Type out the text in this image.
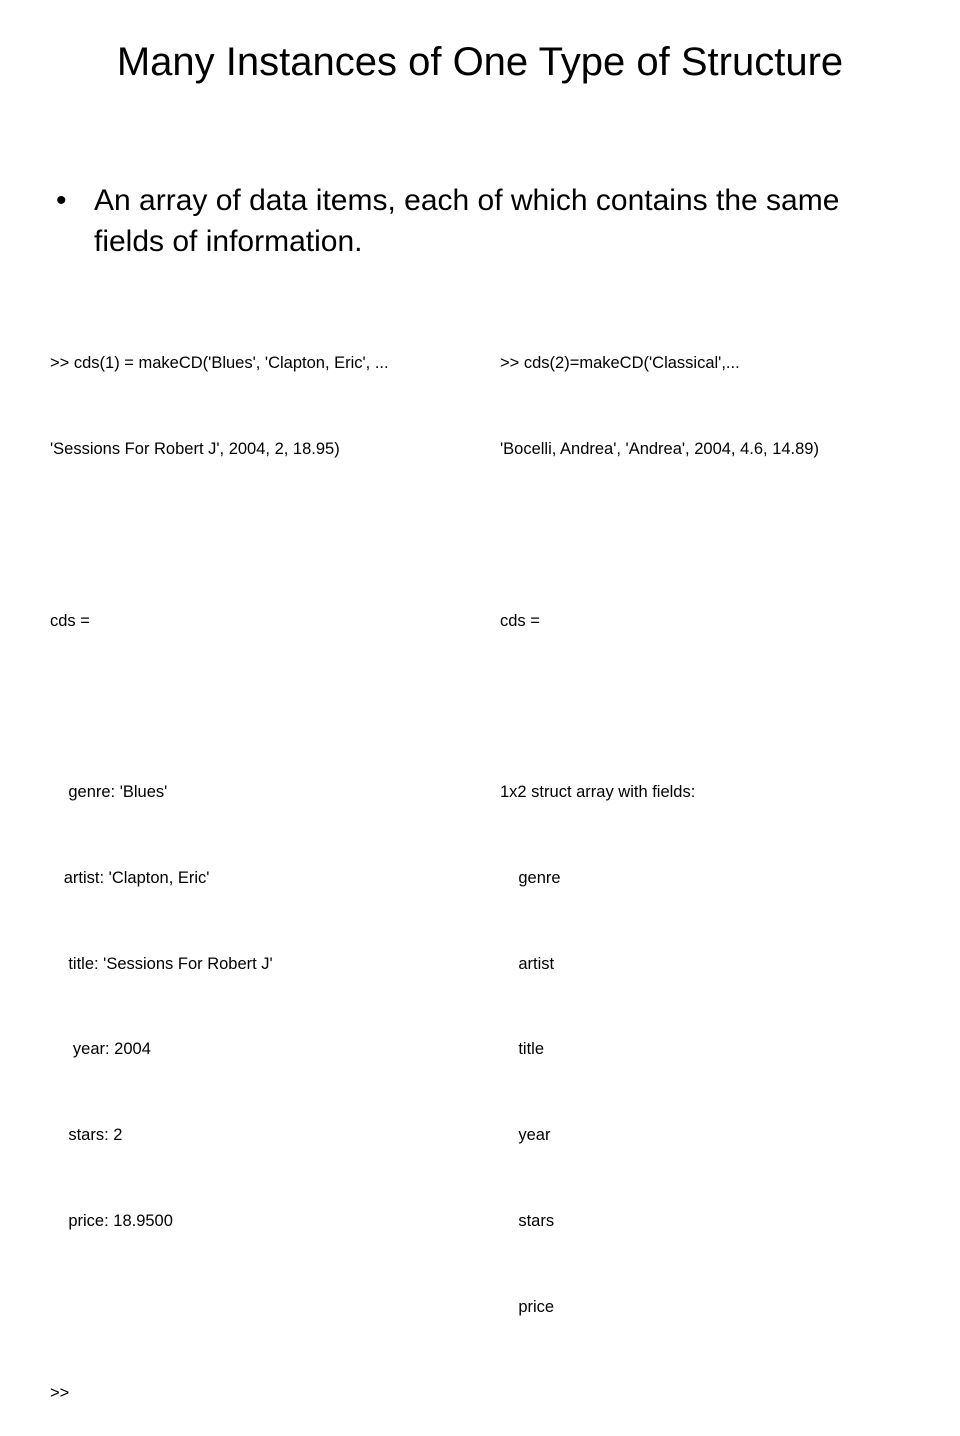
Many Instances of One Type of Structure
• An array of data items, each of which contains the same fields of information.

>> cds(1) = makeCD('Blues', 'Clapton, Eric', ...

'Sessions For Robert J', 2004, 2, 18.95)

cds =

genre: 'Blues'

artist: 'Clapton, Eric'

title: 'Sessions For Robert J'

year: 2004

stars: 2

price: 18.9500

>>

>> cds(2)=makeCD('Classical',...

'Bocelli, Andrea', 'Andrea', 2004, 4.6, 14.89)

cds =

1x2 struct array with fields:

genre

artist

title

year

stars

price
